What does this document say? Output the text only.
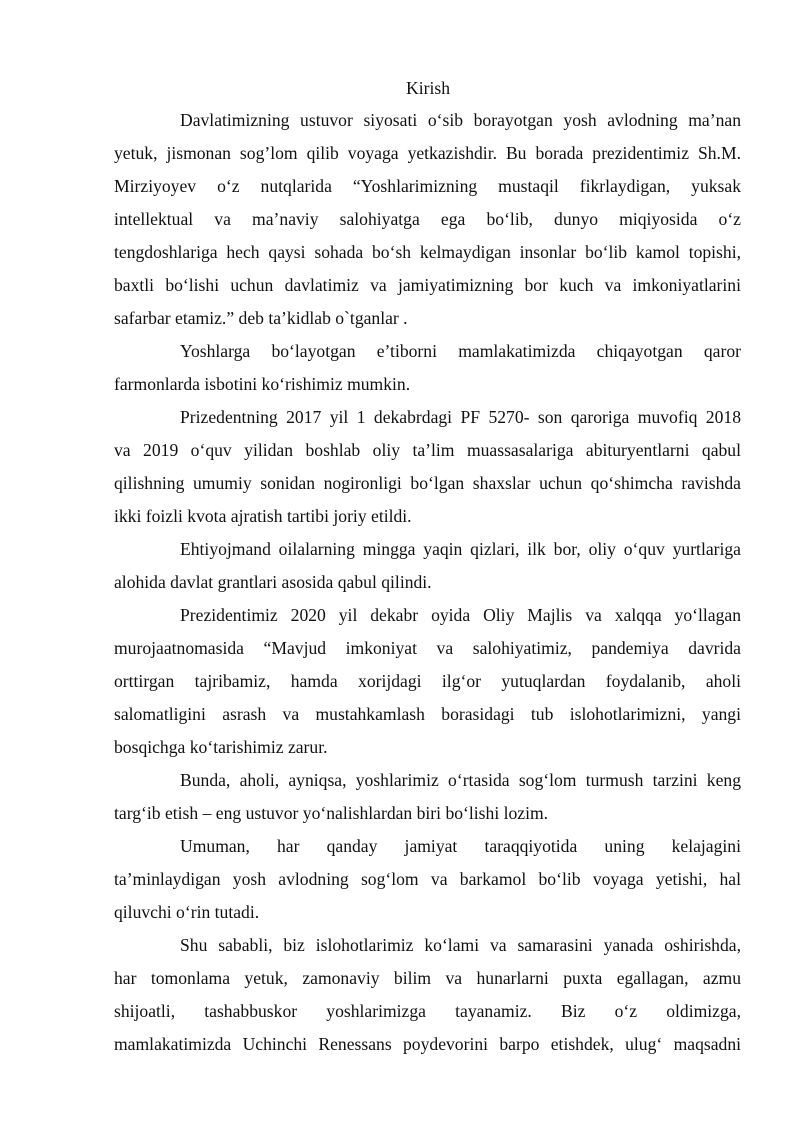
Kirish
Davlatimizning ustuvor siyosati o‘sib borayotgan yosh avlodning ma’nan
yetuk, jismonan sog’lom qilib voyaga yetkazishdir. Bu borada prezidentimiz Sh.M.
Mirziyoyev o‘z nutqlarida “Yoshlarimizning mustaqil fikrlaydigan, yuksak
intellektual va ma’naviy salohiyatga ega bo‘lib, dunyo miqiyosida o‘z
tengdoshlariga hech qaysi sohada bo‘sh kelmaydigan insonlar bo‘lib kamol topishi,
baxtli bo‘lishi uchun davlatimiz va jamiyatimizning bor kuch va imkoniyatlarini
safarbar etamiz.” deb ta’kidlab o`tganlar .
Yoshlarga bo‘layotgan e’tiborni mamlakatimizda chiqayotgan qaror
farmonlarda isbotini ko‘rishimiz mumkin.
Prizedentning 2017 yil 1 dekabrdagi PF 5270- son qaroriga muvofiq 2018
va 2019 o‘quv yilidan boshlab oliy ta’lim muassasalariga abituryentlarni qabul
qilishning umumiy sonidan nogironligi bo‘lgan shaxslar uchun qo‘shimcha ravishda
ikki foizli kvota ajratish tartibi joriy etildi.
Ehtiyojmand oilalarning mingga yaqin qizlari, ilk bor, oliy o‘quv yurtlariga
alohida davlat grantlari asosida qabul qilindi.
Prezidentimiz 2020 yil dekabr oyida Oliy Majlis va xalqqa yo‘llagan
murojaatnomasida “Mavjud imkoniyat va salohiyatimiz, pandemiya davrida
orttirgan tajribamiz, hamda xorijdagi ilg‘or yutuqlardan foydalanib, aholi
salomatligini asrash va mustahkamlash borasidagi tub islohotlarimizni, yangi
bosqichga ko‘tarishimiz zarur.
Bunda, aholi, ayniqsa, yoshlarimiz o‘rtasida sog‘lom turmush tarzini keng
targ‘ib etish – eng ustuvor yo‘nalishlardan biri bo‘lishi lozim.
Umuman, har qanday jamiyat taraqqiyotida uning kelajagini
ta’minlaydigan yosh avlodning sog‘lom va barkamol bo‘lib voyaga yetishi, hal
qiluvchi o‘rin tutadi.
Shu sababli, biz islohotlarimiz ko‘lami va samarasini yanada oshirishda,
har tomonlama yetuk, zamonaviy bilim va hunarlarni puxta egallagan, azmu
shijoatli, tashabbuskor yoshlarimizga tayanamiz. Biz o‘z oldimizga,
mamlakatimizda Uchinchi Renessans poydevorini barpo etishdek, ulug‘ maqsadni
